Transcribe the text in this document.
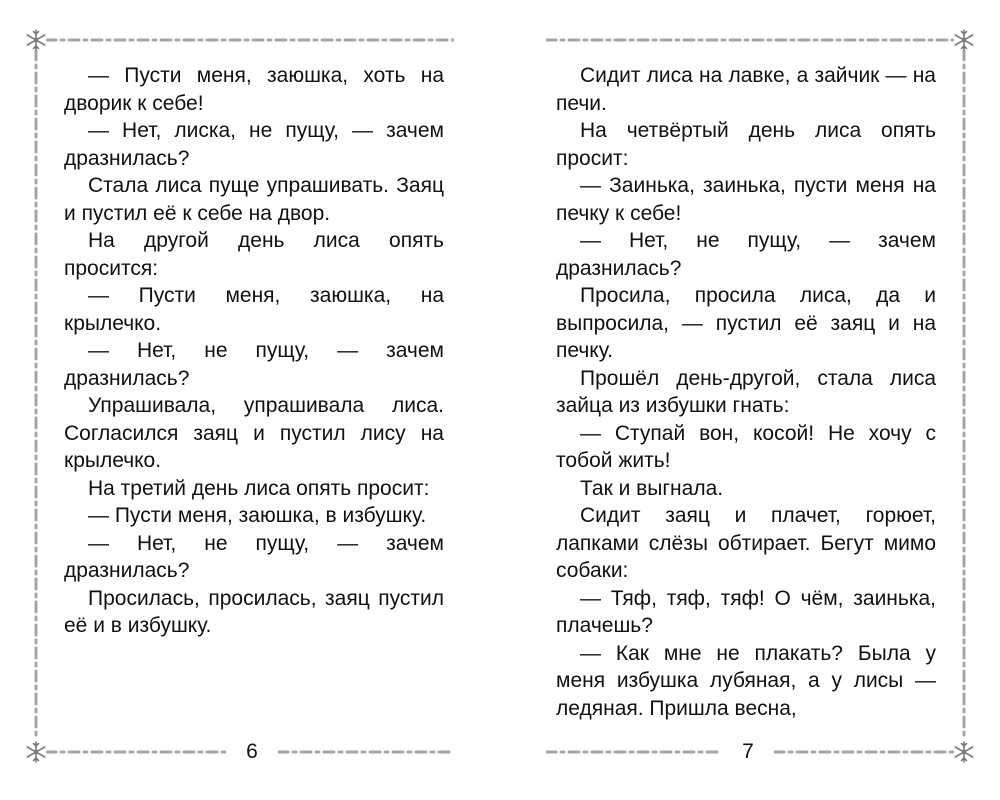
— Пусти меня, заюшка, хоть на дворик к себе!

— Нет, лиска, не пущу, — зачем дразнилась?

Стала лиса пуще упрашивать. Заяц и пустил её к себе на двор.

На другой день лиса опять просится:

— Пусти меня, заюшка, на крылечко.

— Нет, не пущу, — зачем дразнилась?

Упрашивала, упрашивала лиса. Согласился заяц и пустил лису на крылечко.

На третий день лиса опять просит:

— Пусти меня, заюшка, в избушку.

— Нет, не пущу, — зачем дразнилась?

Просилась, просилась, заяц пустил её и в избушку.

6

Сидит лиса на лавке, а зайчик — на печи.

На четвёртый день лиса опять просит:

— Заинька, заинька, пусти меня на печку к себе!

— Нет, не пущу, — зачем дразнилась?

Просила, просила лиса, да и выпросила, — пустил её заяц и на печку.

Прошёл день-другой, стала лиса зайца из избушки гнать:

— Ступай вон, косой! Не хочу с тобой жить!

Так и выгнала.

Сидит заяц и плачет, горюет, лапками слёзы обтирает. Бегут мимо собаки:

— Тяф, тяф, тяф! О чём, заинька, плачешь?

— Как мне не плакать? Была у меня избушка лубяная, а у лисы — ледяная. Пришла весна,

7
